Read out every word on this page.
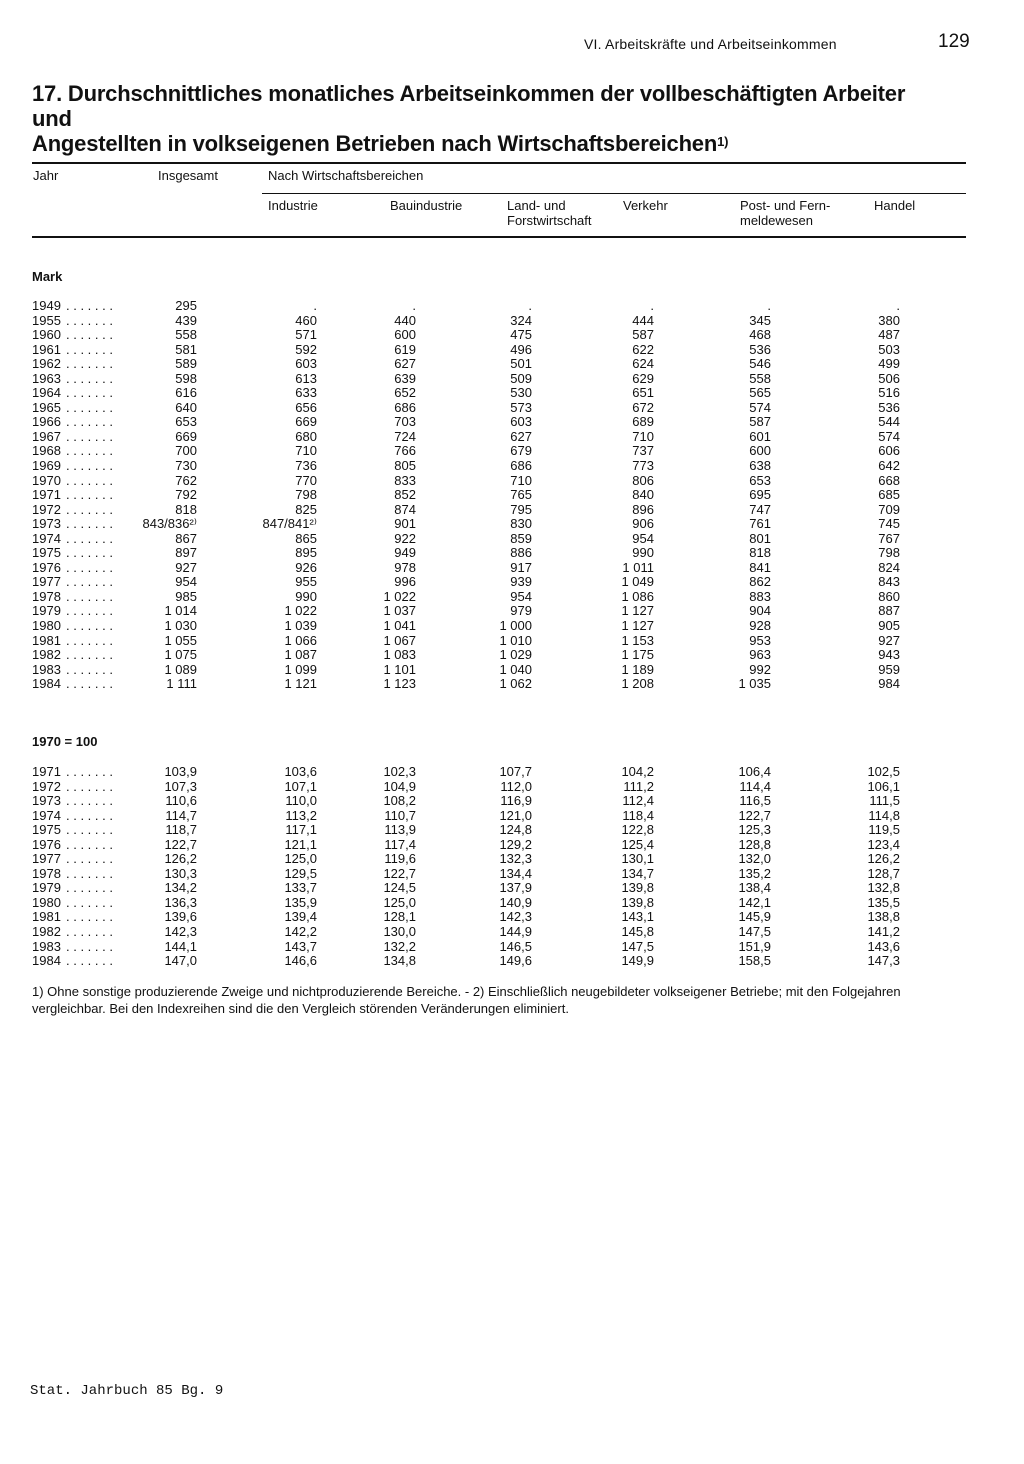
VI. Arbeitskräfte und Arbeitseinkommen	129
17. Durchschnittliches monatliches Arbeitseinkommen der vollbeschäftigten Arbeiter und
Angestellten in volkseigenen Betrieben nach Wirtschaftsbereichen$^{1)}$
Jahr	Insgesamt	Nach Wirtschaftsbereichen
Industrie	Bauindustrie	Land- und
Forstwirtschaft
Verkehr	Post- und Fern-
meldewesen
Handel
Mark
1949 . . . . . . .	295	.	.	.	.	.	.
1955 . . . . . . .	439	460	440	324	444	345	380
1960 . . . . . . .	558	571	600	475	587	468	487
1961 . . . . . . .	581	592	619	496	622	536	503
1962 . . . . . . .	589	603	627	501	624	546	499
1963 . . . . . . .	598	613	639	509	629	558	506
1964 . . . . . . .	616	633	652	530	651	565	516
1965 . . . . . . .	640	656	686	573	672	574	536
1966 . . . . . . .	653	669	703	603	689	587	544
1967 . . . . . . .	669	680	724	627	710	601	574
1968 . . . . . . .	700	710	766	679	737	600	606
1969 . . . . . . .	730	736	805	686	773	638	642
1970 . . . . . . .	762	770	833	710	806	653	668
1971 . . . . . . .	792	798	852	765	840	695	685
1972 . . . . . . .	818	825	874	795	896	747	709
1973 . . . . . . . 843/836²⁾	847/841²⁾	901	830	906	761	745
1974 . . . . . . .	867	865	922	859	954	801	767
1975 . . . . . . .	897	895	949	886	990	818	798
1976 . . . . . . .	927	926	978	917	1 011	841	824
1977 . . . . . . .	954	955	996	939	1 049	862	843
1978 . . . . . . .	985	990	1 022	954	1 086	883	860
1979 . . . . . . .	1 014	1 022	1 037	979	1 127	904	887
1980 . . . . . . .	1 030	1 039	1 041	1 000	1 127	928	905
1981 . . . . . . .	1 055	1 066	1 067	1 010	1 153	953	927
1982 . . . . . . .	1 075	1 087	1 083	1 029	1 175	963	943
1983 . . . . . . .	1 089	1 099	1 101	1 040	1 189	992	959
1984 . . . . . . .	1 111	1 121	1 123	1 062	1 208	1 035	984
1970 = 100
1971 . . . . . . .	103,9	103,6	102,3	107,7	104,2	106,4	102,5
1972 . . . . . . .	107,3	107,1	104,9	112,0	111,2	114,4	106,1
1973 . . . . . . .	110,6	110,0	108,2	116,9	112,4	116,5	111,5
1974 . . . . . . .	114,7	113,2	110,7	121,0	118,4	122,7	114,8
1975 . . . . . . .	118,7	117,1	113,9	124,8	122,8	125,3	119,5
1976 . . . . . . .	122,7	121,1	117,4	129,2	125,4	128,8	123,4
1977 . . . . . . .	126,2	125,0	119,6	132,3	130,1	132,0	126,2
1978 . . . . . . .	130,3	129,5	122,7	134,4	134,7	135,2	128,7
1979 . . . . . . .	134,2	133,7	124,5	137,9	139,8	138,4	132,8
1980 . . . . . . .	136,3	135,9	125,0	140,9	139,8	142,1	135,5
1981 . . . . . . .	139,6	139,4	128,1	142,3	143,1	145,9	138,8
1982 . . . . . . .	142,3	142,2	130,0	144,9	145,8	147,5	141,2
1983 . . . . . . .	144,1	143,7	132,2	146,5	147,5	151,9	143,6
1984 . . . . . . .	147,0	146,6	134,8	149,6	149,9	158,5	147,3
1) Ohne sonstige produzierende Zweige und nichtproduzierende Bereiche. - 2) Einschließlich neugebildeter volkseigener Betriebe; mit den Folgejahren
vergleichbar. Bei den Indexreihen sind die den Vergleich störenden Veränderungen eliminiert.
Stat. Jahrbuch 85 Bg. 9
